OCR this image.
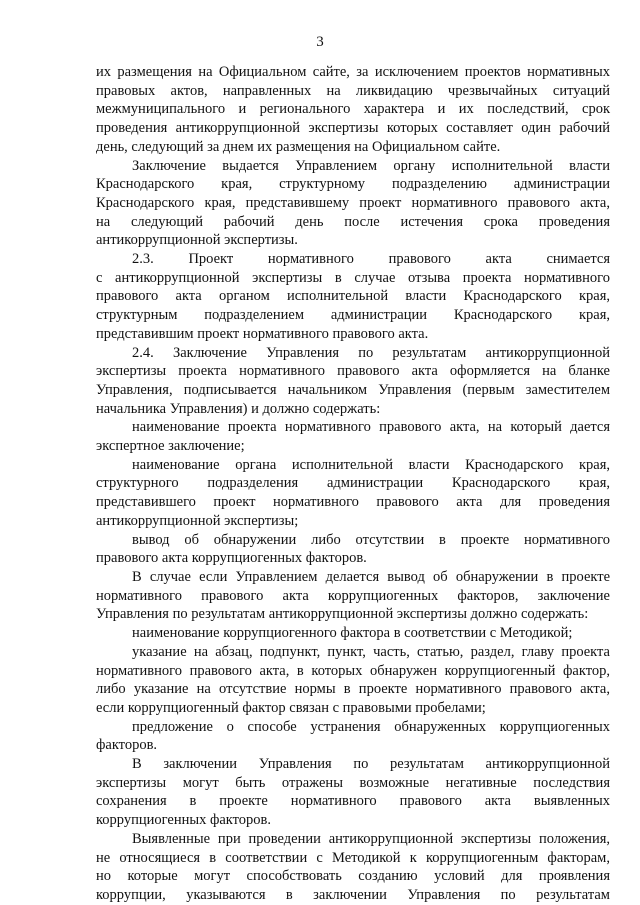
3

их размещения на Официальном сайте, за исключением проектов нормативных

правовых актов, направленных на ликвидацию чрезвычайных ситуаций

межмуниципального и регионального характера и их последствий, срок

проведения антикоррупционной экспертизы которых составляет один рабочий

день, следующий за днем их размещения на Официальном сайте.

Заключение выдается Управлением органу исполнительной власти

Краснодарского края, структурному подразделению администрации

Краснодарского края, представившему проект нормативного правового акта,

на следующий рабочий день после истечения срока проведения

антикоррупционной экспертизы.

2.3. Проект нормативного правового акта снимается

с антикоррупционной экспертизы в случае отзыва проекта нормативного

правового акта органом исполнительной власти Краснодарского края,

структурным подразделением администрации Краснодарского края,

представившим проект нормативного правового акта.

2.4. Заключение Управления по результатам антикоррупционной

экспертизы проекта нормативного правового акта оформляется на бланке

Управления, подписывается начальником Управления (первым заместителем

начальника Управления) и должно содержать:

наименование проекта нормативного правового акта, на который дается

экспертное заключение;

наименование органа исполнительной власти Краснодарского края,

структурного подразделения администрации Краснодарского края,

представившего проект нормативного правового акта для проведения

антикоррупционной экспертизы;

вывод об обнаружении либо отсутствии в проекте нормативного

правового акта коррупциогенных факторов.

В случае если Управлением делается вывод об обнаружении в проекте

нормативного правового акта коррупциогенных факторов, заключение

Управления по результатам антикоррупционной экспертизы должно содержать:

наименование коррупциогенного фактора в соответствии с Методикой;

указание на абзац, подпункт, пункт, часть, статью, раздел, главу проекта

нормативного правового акта, в которых обнаружен коррупциогенный фактор,

либо указание на отсутствие нормы в проекте нормативного правового акта,

если коррупциогенный фактор связан с правовыми пробелами;

предложение о способе устранения обнаруженных коррупциогенных

факторов.

В заключении Управления по результатам антикоррупционной

экспертизы могут быть отражены возможные негативные последствия

сохранения в проекте нормативного правового акта выявленных

коррупциогенных факторов.

Выявленные при проведении антикоррупционной экспертизы положения,

не относящиеся в соответствии с Методикой к коррупциогенным факторам,

но которые могут способствовать созданию условий для проявления

коррупции, указываются в заключении Управления по результатам
